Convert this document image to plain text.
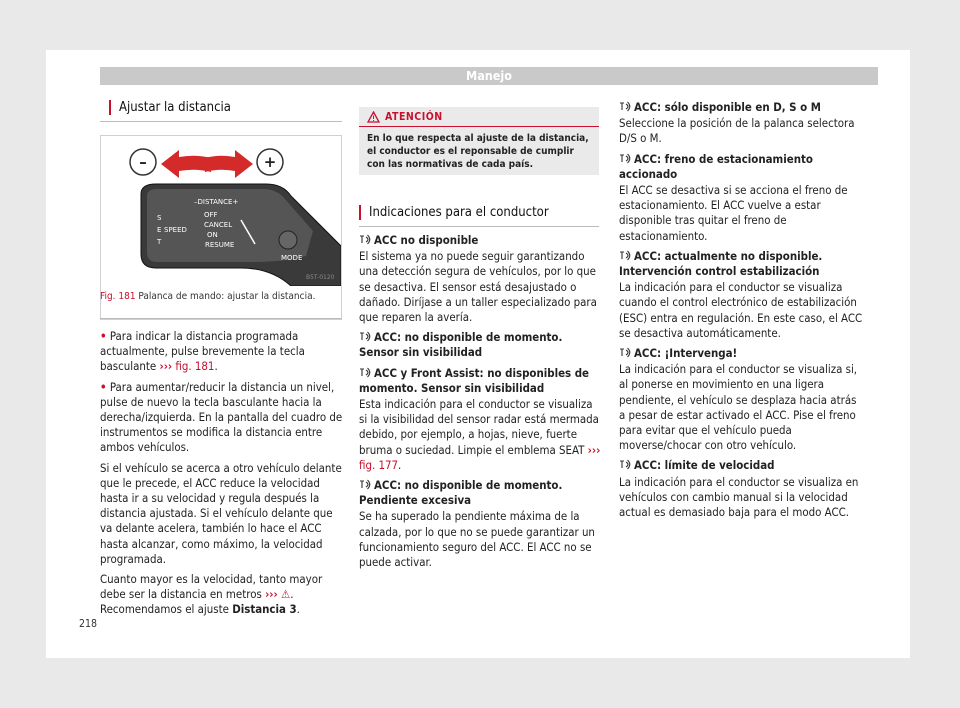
Manejo
Ajustar la distancia
–	+
–DISTANCE+
S
E
T
SPEED
OFF
CANCEL
ON
RESUME
MODE
B5T-0120
Fig. 181 Palanca de mando: ajustar la distancia.

• Para indicar la distancia programada actualmente, pulse brevemente la tecla basculante ››› fig. 181.

• Para aumentar/reducir la distancia un nivel, pulse de nuevo la tecla basculante hacia la derecha/izquierda. En la pantalla del cuadro de instrumentos se modifica la distancia entre ambos vehículos.

Si el vehículo se acerca a otro vehículo delante que le precede, el ACC reduce la velocidad hasta ir a su velocidad y regula después la distancia ajustada. Si el vehículo delante que va delante acelera, también lo hace el ACC hasta alcanzar, como máximo, la velocidad programada.

Cuanto mayor es la velocidad, tanto mayor debe ser la distancia en metros ››› ⚠. Recomendamos el ajuste Distancia 3.

218
ATENCIÓN
En lo que respecta al ajuste de la distancia, el conductor es el reponsable de cumplir con las normativas de cada país.
Indicaciones para el conductor

ACC no disponible

El sistema ya no puede seguir garantizando una detección segura de vehículos, por lo que se desactiva. El sensor está desajustado o dañado. Diríjase a un taller especializado para que reparen la avería.

ACC: no disponible de momento. Sensor sin visibilidad

ACC y Front Assist: no disponibles de momento. Sensor sin visibilidad

Esta indicación para el conductor se visualiza si la visibilidad del sensor radar está mermada debido, por ejemplo, a hojas, nieve, fuerte bruma o suciedad. Limpie el emblema SEAT ››› fig. 177.

ACC: no disponible de momento. Pendiente excesiva

Se ha superado la pendiente máxima de la calzada, por lo que no se puede garantizar un funcionamiento seguro del ACC. El ACC no se puede activar.

ACC: sólo disponible en D, S o M

Seleccione la posición de la palanca selectora D/S o M.

ACC: freno de estacionamiento accionado

El ACC se desactiva si se acciona el freno de estacionamiento. El ACC vuelve a estar disponible tras quitar el freno de estacionamiento.

ACC: actualmente no disponible. Intervención control estabilización

La indicación para el conductor se visualiza cuando el control electrónico de estabilización (ESC) entra en regulación. En este caso, el ACC se desactiva automáticamente.

ACC: ¡Intervenga!

La indicación para el conductor se visualiza si, al ponerse en movimiento en una ligera pendiente, el vehículo se desplaza hacia atrás a pesar de estar activado el ACC. Pise el freno para evitar que el vehículo pueda moverse/chocar con otro vehículo.

ACC: límite de velocidad

La indicación para el conductor se visualiza en vehículos con cambio manual si la velocidad actual es demasiado baja para el modo ACC.
